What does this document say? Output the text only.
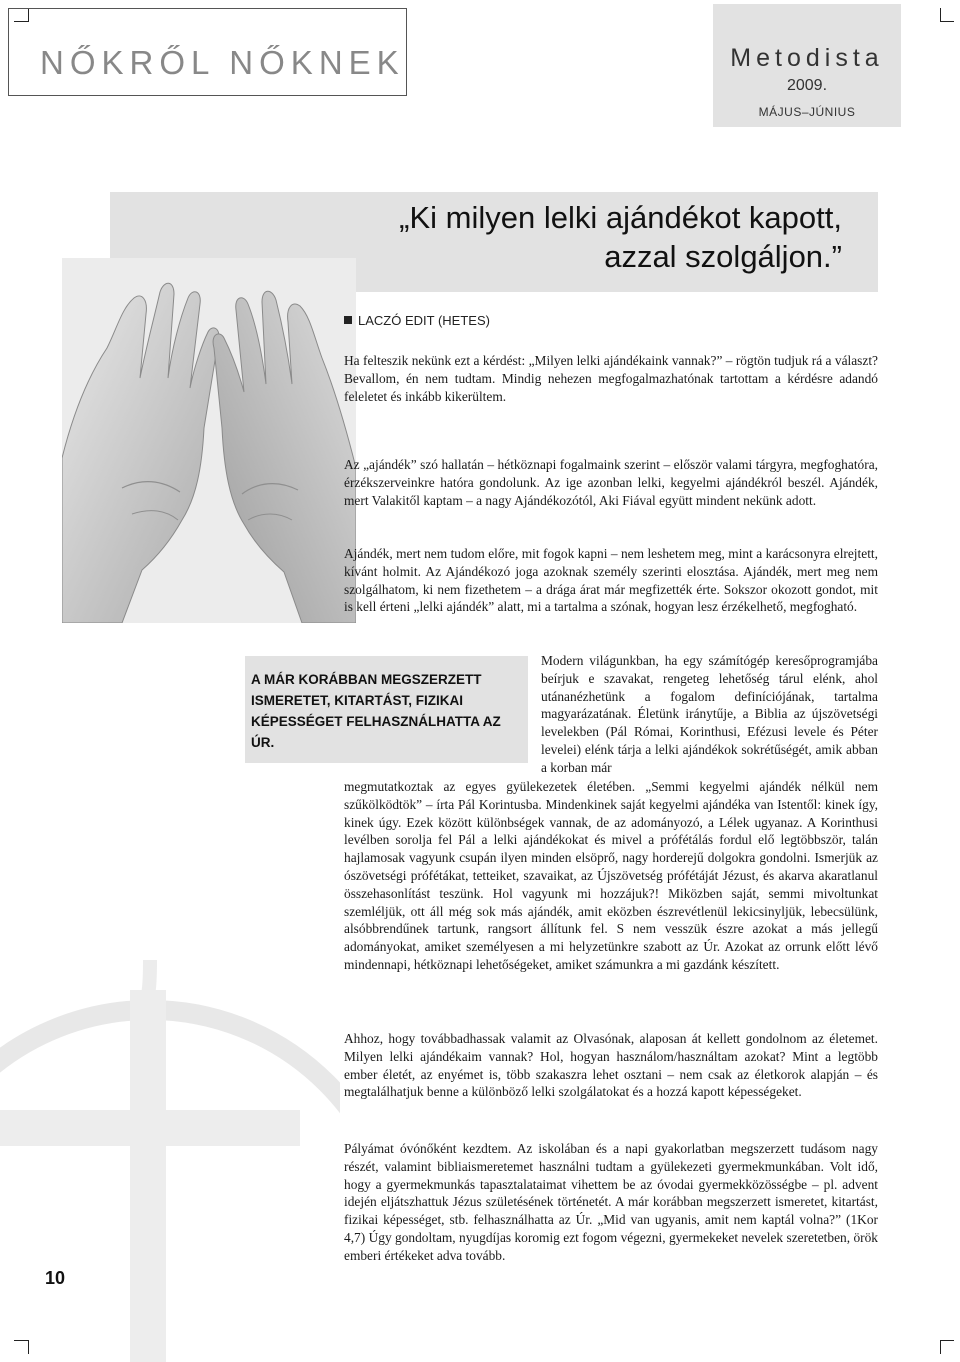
NŐKRŐL NŐKNEK	Metodista
2009.
MÁJUS–JÚNIUS
„Ki milyen lelki ajándékot kapott,
azzal szolgáljon.”
LACZÓ EDIT (HETES)

Ha felteszik nekünk ezt a kérdést: „Milyen lelki ajándékaink vannak?” – rögtön tudjuk rá a választ? Bevallom, én nem tudtam. Mindig nehezen megfogalmazhatónak tartottam a kérdésre adandó feleletet és inkább kikerültem.

Az „ajándék” szó hallatán – hétköznapi fogalmaink szerint – először valami tárgyra, megfoghatóra, érzékszerveinkre hatóra gondolunk. Az ige azonban lelki, kegyelmi ajándékról beszél. Ajándék, mert Valakitől kaptam – a nagy Ajándékozótól, Aki Fiával együtt mindent nekünk adott.

Ajándék, mert nem tudom előre, mit fogok kapni – nem leshetem meg, mint a karácsonyra elrejtett, kívánt holmit. Az Ajándékozó joga azoknak személy szerinti elosztása. Ajándék, mert meg nem szolgálhatom, ki nem fizethetem – a drága árat már megfizették érte. Sokszor okozott gondot, mit is kell érteni „lelki ajándék” alatt, mi a tartalma a szónak, hogyan lesz érzékelhető, megfogható.

Modern világunkban, ha egy számítógép keresőprogramjába beírjuk e szavakat, rengeteg lehetőség tárul elénk, ahol utánanézhetünk a fogalom definíciójának, tartalma magyarázatának. Életünk iránytűje, a Biblia az újszövetségi levelekben (Pál Római, Korinthusi, Efézusi levele és Péter levelei) elénk tárja a lelki ajándékok sokrétűségét, amik abban a korban már

megmutatkoztak az egyes gyülekezetek életében. „Semmi kegyelmi ajándék nélkül nem szűkölködtök” – írta Pál Korintusba. Mindenkinek saját kegyelmi ajándéka van Istentől: kinek így, kinek úgy. Ezek között különbségek vannak, de az adományozó, a Lélek ugyanaz. A Korinthusi levélben sorolja fel Pál a lelki ajándékokat és mivel a prófétálás fordul elő legtöbbször, talán hajlamosak vagyunk csupán ilyen minden elsöprő, nagy horderejű dolgokra gondolni. Ismerjük az ószövetségi prófétákat, tetteiket, szavaikat, az Újszövetség prófétáját Jézust, és akarva akaratlanul összehasonlítást teszünk. Hol vagyunk mi hozzájuk?! Miközben saját, semmi mivoltunkat szemléljük, ott áll még sok más ajándék, amit eközben észrevétlenül lekicsinyljük, lebecsülünk, alsóbbrendűnek tartunk, rangsort állítunk fel. S nem vesszük észre azokat a más jellegű adományokat, amiket személyesen a mi helyzetünkre szabott az Úr. Azokat az orrunk előtt lévő mindennapi, hétköznapi lehetőségeket, amiket számunkra a mi gazdánk készített.

Ahhoz, hogy továbbadhassak valamit az Olvasónak, alaposan át kellett gondolnom az életemet. Milyen lelki ajándékaim vannak? Hol, hogyan használom/használtam azokat? Mint a legtöbb ember életét, az enyémet is, több szakaszra lehet osztani – nem csak az életkorok alapján – és megtalálhatjuk benne a különböző lelki szolgálatokat és a hozzá kapott képességeket.

Pályámat óvónőként kezdtem. Az iskolában és a napi gyakorlatban megszerzett tudásom nagy részét, valamint bibliaismeretemet használni tudtam a gyülekezeti gyermekmunkában. Volt idő, hogy a gyermekmunkás tapasztalataimat vihettem be az óvodai gyermekközösségbe – pl. advent idején eljátszhattuk Jézus születésének történetét. A már korábban megszerzett ismeretet, kitartást, fizikai képességet, stb. felhasználhatta az Úr. „Mid van ugyanis, amit nem kaptál volna?” (1Kor 4,7) Úgy gondoltam, nyugdíjas koromig ezt fogom végezni, gyermekeket nevelek szeretetben, örök emberi értékeket adva tovább.

A MÁR KORÁBBAN MEGSZERZETT ISMERETET, KITARTÁST, FIZIKAI KÉPESSÉGET FELHASZNÁLHATTA AZ ÚR.
10
